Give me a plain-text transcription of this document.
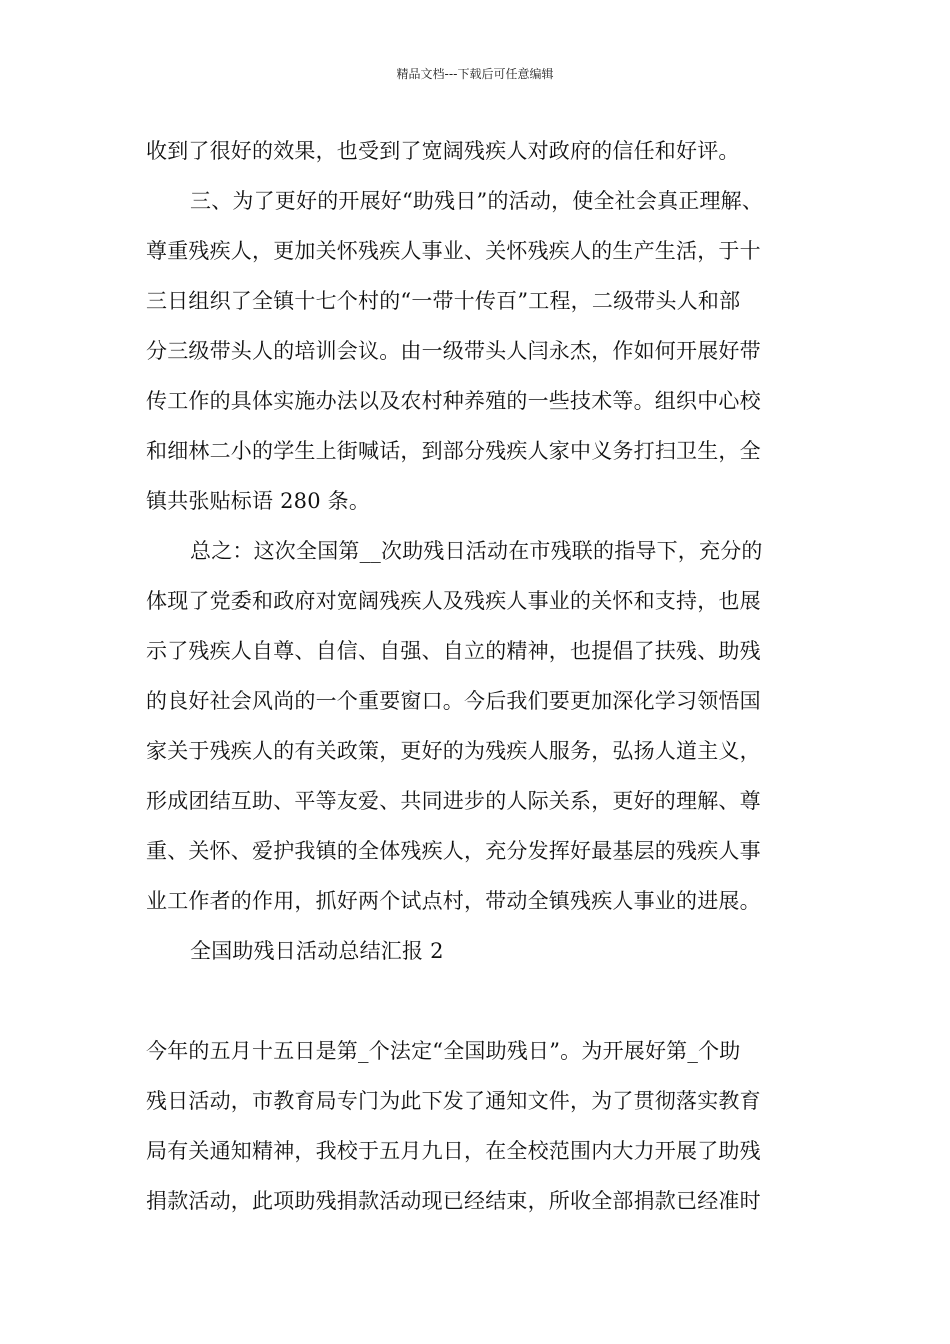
精品文档---下载后可任意编辑
收到了很好的效果，也受到了宽阔残疾人对政府的信任和好评。
三、为了更好的开展好“助残日”的活动，使全社会真正理解、
尊重残疾人，更加关怀残疾人事业、关怀残疾人的生产生活，于十
三日组织了全镇十七个村的“一带十传百”工程，二级带头人和部
分三级带头人的培训会议。由一级带头人闫永杰，作如何开展好带
传工作的具体实施办法以及农村种养殖的一些技术等。组织中心校
和细林二小的学生上街喊话，到部分残疾人家中义务打扫卫生，全
镇共张贴标语 280 条。
总之：这次全国第__次助残日活动在市残联的指导下，充分的
体现了党委和政府对宽阔残疾人及残疾人事业的关怀和支持，也展
示了残疾人自尊、自信、自强、自立的精神，也提倡了扶残、助残
的良好社会风尚的一个重要窗口。今后我们要更加深化学习领悟国
家关于残疾人的有关政策，更好的为残疾人服务，弘扬人道主义，
形成团结互助、平等友爱、共同进步的人际关系，更好的理解、尊
重、关怀、爱护我镇的全体残疾人，充分发挥好最基层的残疾人事
业工作者的作用，抓好两个试点村，带动全镇残疾人事业的进展。
全国助残日活动总结汇报 2
今年的五月十五日是第_个法定“全国助残日”。为开展好第_个助
残日活动，市教育局专门为此下发了通知文件，为了贯彻落实教育
局有关通知精神，我校于五月九日，在全校范围内大力开展了助残
捐款活动，此项助残捐款活动现已经结束，所收全部捐款已经准时
